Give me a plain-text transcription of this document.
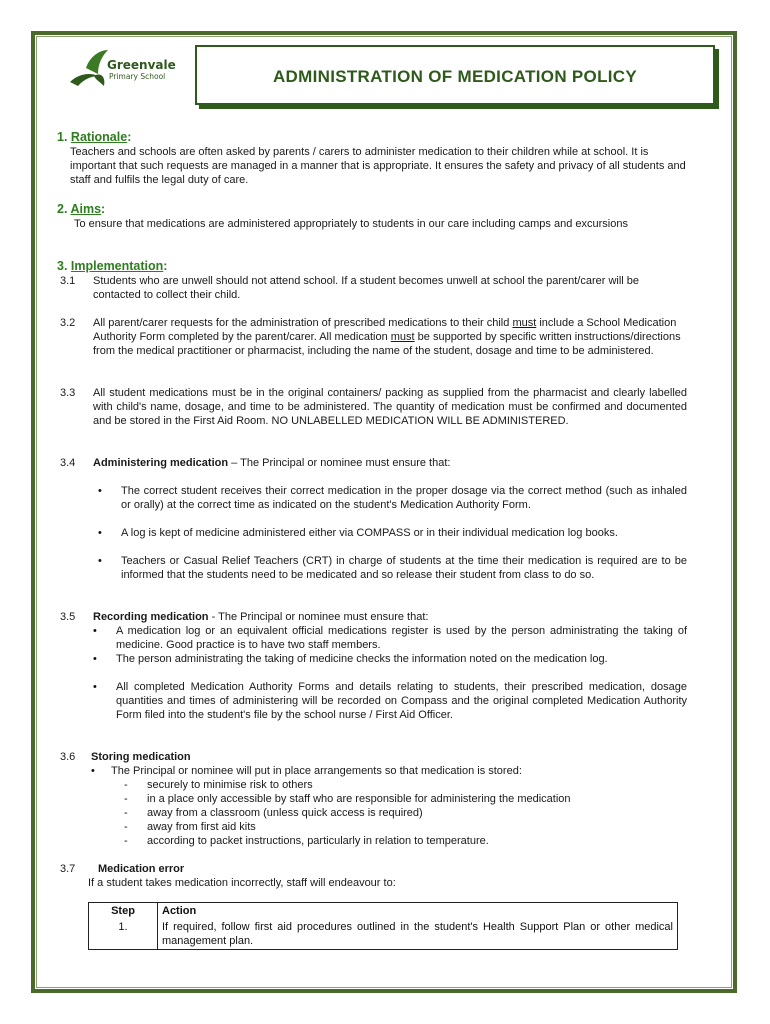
Greenvale
Primary School	ADMINISTRATION OF MEDICATION POLICY
1. Rationale:
Teachers and schools are often asked by parents / carers to administer medication to their children while at school. It is important that such requests are managed in a manner that is appropriate. It ensures the safety and privacy of all students and staff and fulfils the legal duty of care.
2. Aims:
To ensure that medications are administered appropriately to students in our care including camps and excursions
3. Implementation:
3.1 Students who are unwell should not attend school. If a student becomes unwell at school the parent/carer will be contacted to collect their child.
3.2 All parent/carer requests for the administration of prescribed medications to their child must include a School Medication Authority Form completed by the parent/carer. All medication must be supported by specific written instructions/directions from the medical practitioner or pharmacist, including the name of the student, dosage and time to be administered.
3.3 All student medications must be in the original containers/ packing as supplied from the pharmacist and clearly labelled with child's name, dosage, and time to be administered. The quantity of medication must be confirmed and documented and be stored in the First Aid Room. NO UNLABELLED MEDICATION WILL BE ADMINISTERED.
3.4 Administering medication – The Principal or nominee must ensure that:
• The correct student receives their correct medication in the proper dosage via the correct method (such as inhaled or orally) at the correct time as indicated on the student's Medication Authority Form.
• A log is kept of medicine administered either via COMPASS or in their individual medication log books.
• Teachers or Casual Relief Teachers (CRT) in charge of students at the time their medication is required are to be informed that the students need to be medicated and so release their student from class to do so.
3.5 Recording medication - The Principal or nominee must ensure that:
• A medication log or an equivalent official medications register is used by the person administrating the taking of medicine. Good practice is to have two staff members.
• The person administrating the taking of medicine checks the information noted on the medication log.
• All completed Medication Authority Forms and details relating to students, their prescribed medication, dosage quantities and times of administering will be recorded on Compass and the original completed Medication Authority Form filed into the student's file by the school nurse / First Aid Officer.
3.6 Storing medication
• The Principal or nominee will put in place arrangements so that medication is stored:
- securely to minimise risk to others
- in a place only accessible by staff who are responsible for administering the medication
- away from a classroom (unless quick access is required)
- away from first aid kits
- according to packet instructions, particularly in relation to temperature.
3.7 Medication error
If a student takes medication incorrectly, staff will endeavour to:
Step	Action
1.	If required, follow first aid procedures outlined in the student's Health Support Plan or other medical management plan.
